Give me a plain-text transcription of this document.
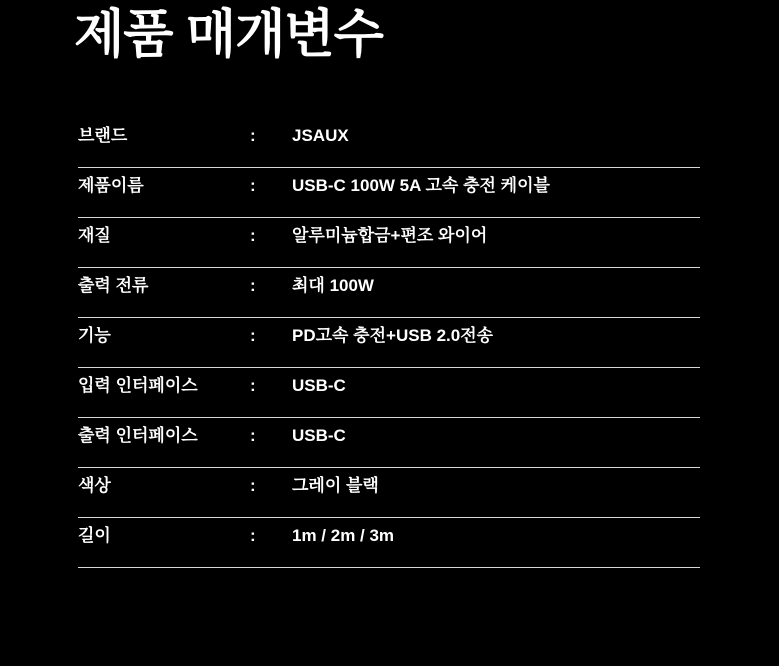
제품 매개변수
브랜드	:	JSAUX
제품이름	:	USB-C 100W 5A 고속 충전 케이블
재질	:	알루미늄합금+편조 와이어
출력 전류	:	최대 100W
기능	:	PD고속 충전+USB 2.0전송
입력 인터페이스	:	USB-C
출력 인터페이스	:	USB-C
색상	:	그레이 블랙
길이	:	1m / 2m / 3m
